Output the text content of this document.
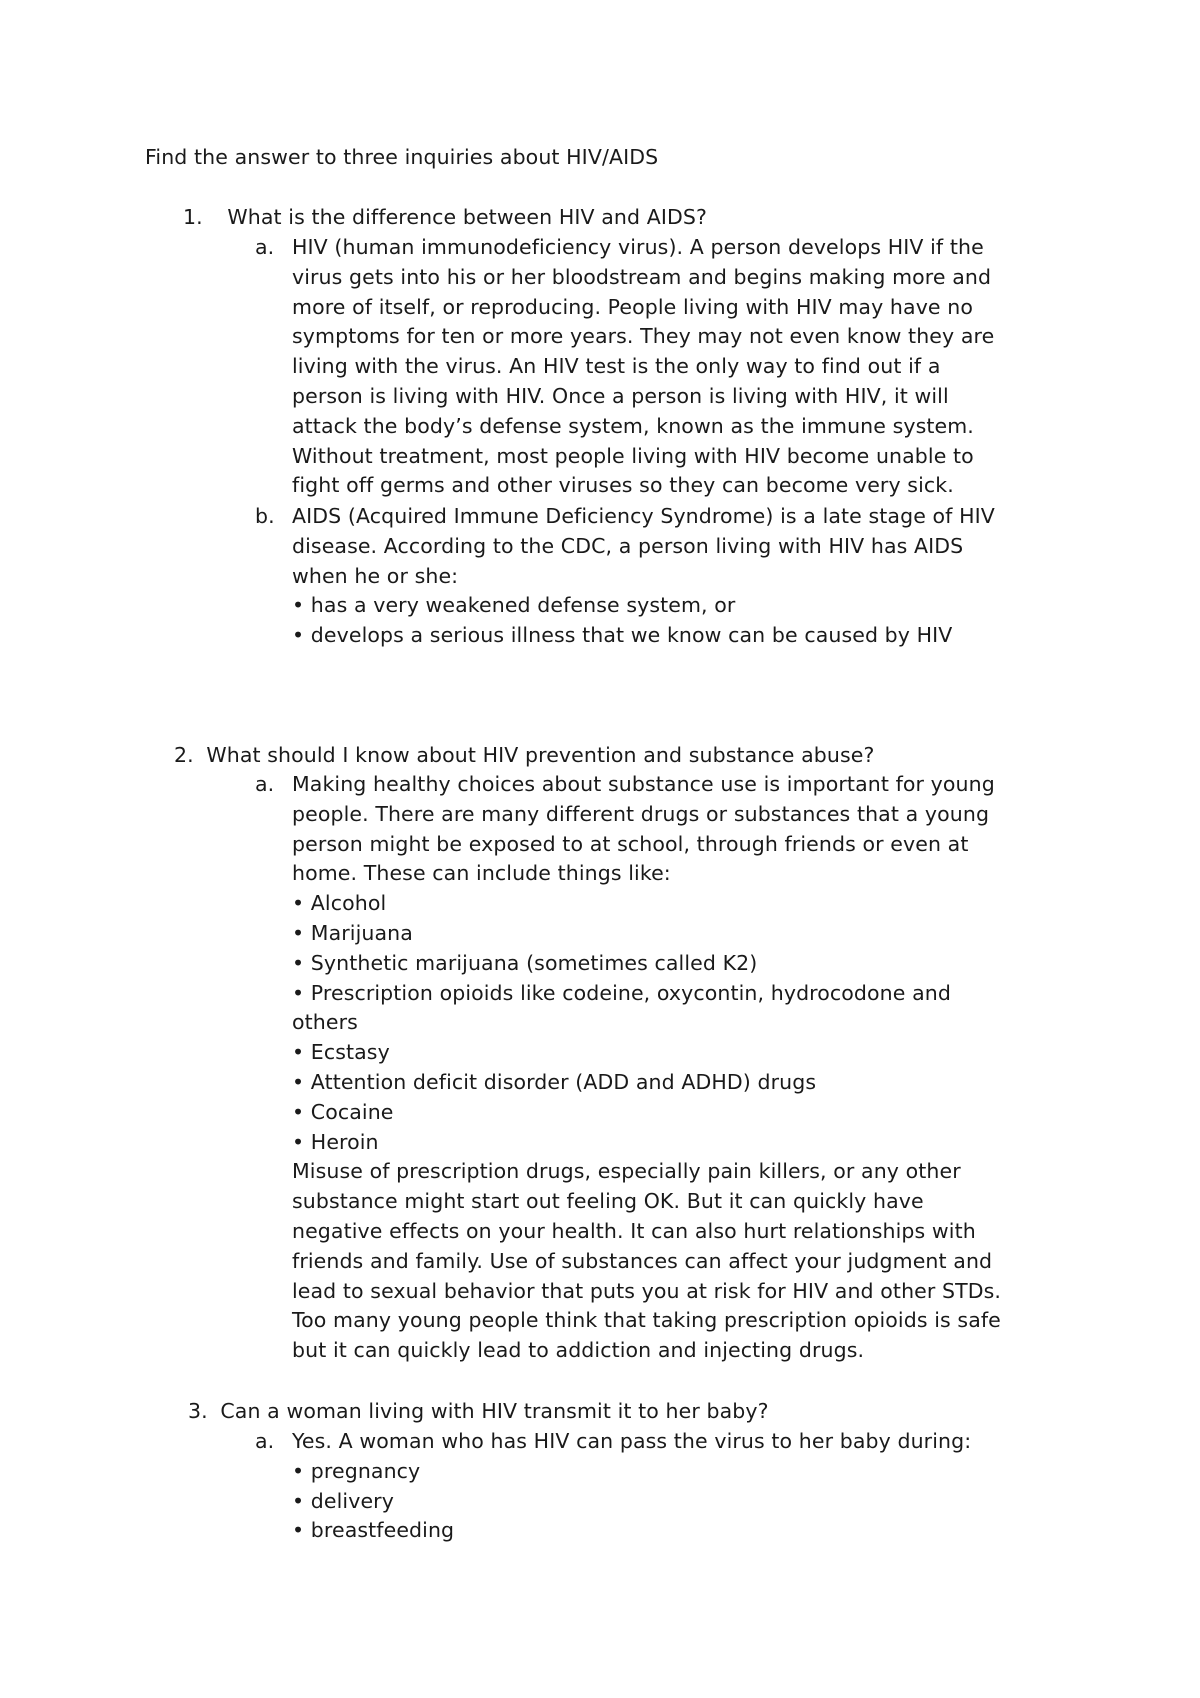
Find the answer to three inquiries about HIV/AIDS
1. What is the difference between HIV and AIDS?
a. HIV (human immunodeficiency virus). A person develops HIV if the

virus gets into his or her bloodstream and begins making more and

more of itself, or reproducing. People living with HIV may have no

symptoms for ten or more years. They may not even know they are

living with the virus. An HIV test is the only way to find out if a

person is living with HIV. Once a person is living with HIV, it will

attack the body’s defense system, known as the immune system.

Without treatment, most people living with HIV become unable to

fight off germs and other viruses so they can become very sick.

b. AIDS (Acquired Immune Deficiency Syndrome) is a late stage of HIV

disease. According to the CDC, a person living with HIV has AIDS

when he or she:

• has a very weakened defense system, or

• develops a serious illness that we know can be caused by HIV

2. What should I know about HIV prevention and substance abuse?
a. Making healthy choices about substance use is important for young

people. There are many different drugs or substances that a young

person might be exposed to at school, through friends or even at

home. These can include things like:

• Alcohol

• Marijuana

• Synthetic marijuana (sometimes called K2)

• Prescription opioids like codeine, oxycontin, hydrocodone and

others

• Ecstasy

• Attention deficit disorder (ADD and ADHD) drugs

• Cocaine

• Heroin

Misuse of prescription drugs, especially pain killers, or any other

substance might start out feeling OK. But it can quickly have

negative effects on your health. It can also hurt relationships with

friends and family. Use of substances can affect your judgment and

lead to sexual behavior that puts you at risk for HIV and other STDs.

Too many young people think that taking prescription opioids is safe

but it can quickly lead to addiction and injecting drugs.

3. Can a woman living with HIV transmit it to her baby?
a. Yes. A woman who has HIV can pass the virus to her baby during:

• pregnancy

• delivery

• breastfeeding
